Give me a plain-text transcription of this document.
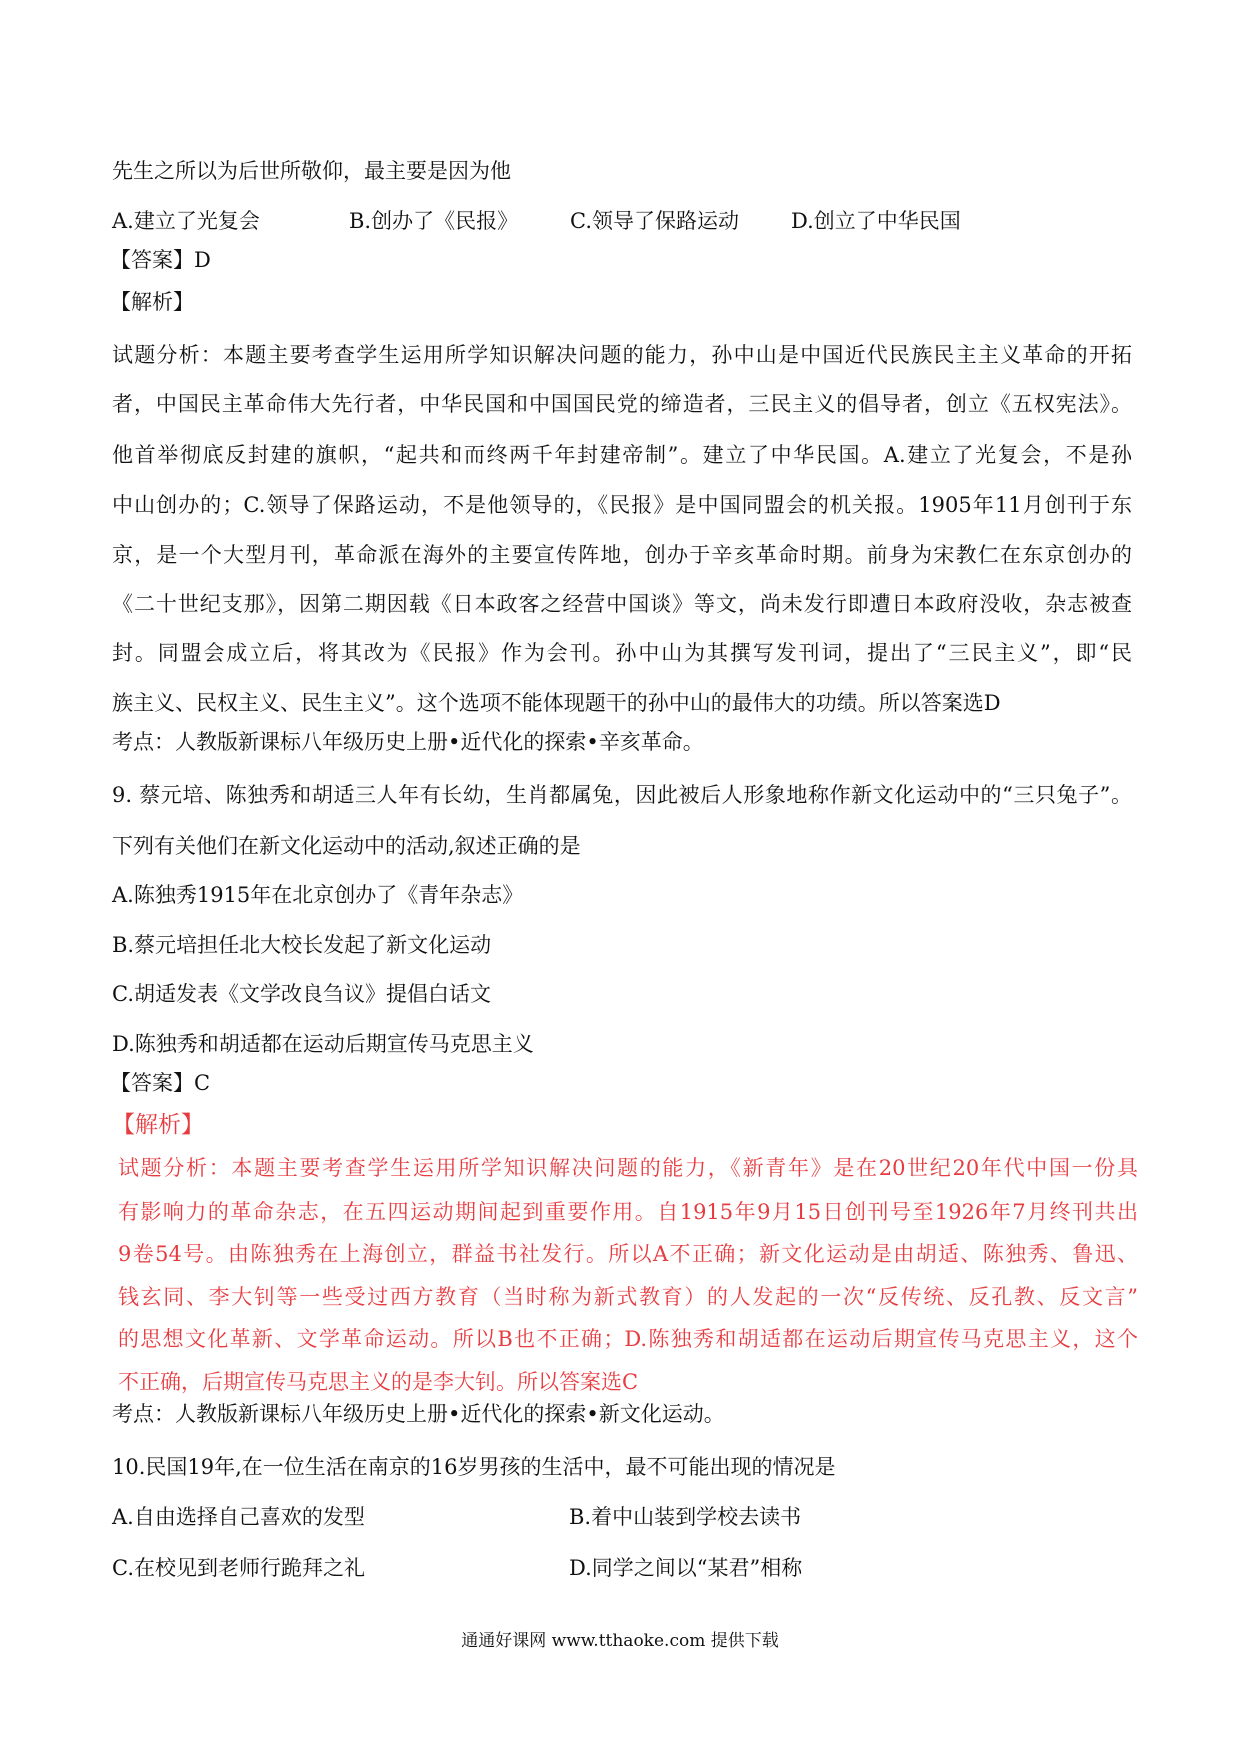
先生之所以为后世所敬仰，最主要是因为他
A.建立了光复会	B.创办了《民报》 C.领导了保路运动 D.创立了中华民国
【答案】D
【解析】
试题分析：本题主要考查学生运用所学知识解决问题的能力，孙中山是中国近代民族民主主义革命的开拓
者，中国民主革命伟大先行者，中华民国和中国国民党的缔造者，三民主义的倡导者，创立《五权宪法》。
他首举彻底反封建的旗帜，“起共和而终两千年封建帝制”。建立了中华民国。A.建立了光复会，不是孙
中山创办的；C.领导了保路运动，不是他领导的，《民报》是中国同盟会的机关报。1905年11月创刊于东
京，是一个大型月刊，革命派在海外的主要宣传阵地，创办于辛亥革命时期。前身为宋教仁在东京创办的
《二十世纪支那》，因第二期因载《日本政客之经营中国谈》等文，尚未发行即遭日本政府没收，杂志被查
封。同盟会成立后，将其改为《民报》作为会刊。孙中山为其撰写发刊词，提出了“三民主义”，即“民
族主义、民权主义、民生主义”。这个选项不能体现题干的孙中山的最伟大的功绩。所以答案选D
考点：人教版新课标八年级历史上册•近代化的探索•辛亥革命。
9. 蔡元培、陈独秀和胡适三人年有长幼，生肖都属兔，因此被后人形象地称作新文化运动中的“三只兔子”。
下列有关他们在新文化运动中的活动,叙述正确的是
A.陈独秀1915年在北京创办了《青年杂志》
B.蔡元培担任北大校长发起了新文化运动
C.胡适发表《文学改良刍议》提倡白话文
D.陈独秀和胡适都在运动后期宣传马克思主义
【答案】C
【解析】
试题分析：本题主要考查学生运用所学知识解决问题的能力，《新青年》是在20世纪20年代中国一份具
有影响力的革命杂志，在五四运动期间起到重要作用。自1915年9月15日创刊号至1926年7月终刊共出
9卷54号。由陈独秀在上海创立，群益书社发行。所以A不正确；新文化运动是由胡适、陈独秀、鲁迅、
钱玄同、李大钊等一些受过西方教育（当时称为新式教育）的人发起的一次“反传统、反孔教、反文言”
的思想文化革新、文学革命运动。所以B也不正确；D.陈独秀和胡适都在运动后期宣传马克思主义，这个
不正确，后期宣传马克思主义的是李大钊。所以答案选C
考点：人教版新课标八年级历史上册•近代化的探索•新文化运动。
10.民国19年,在一位生活在南京的16岁男孩的生活中，最不可能出现的情况是
A.自由选择自己喜欢的发型	B.着中山装到学校去读书
C.在校见到老师行跪拜之礼	D.同学之间以“某君”相称
通通好课网 www.tthaoke.com 提供下载
